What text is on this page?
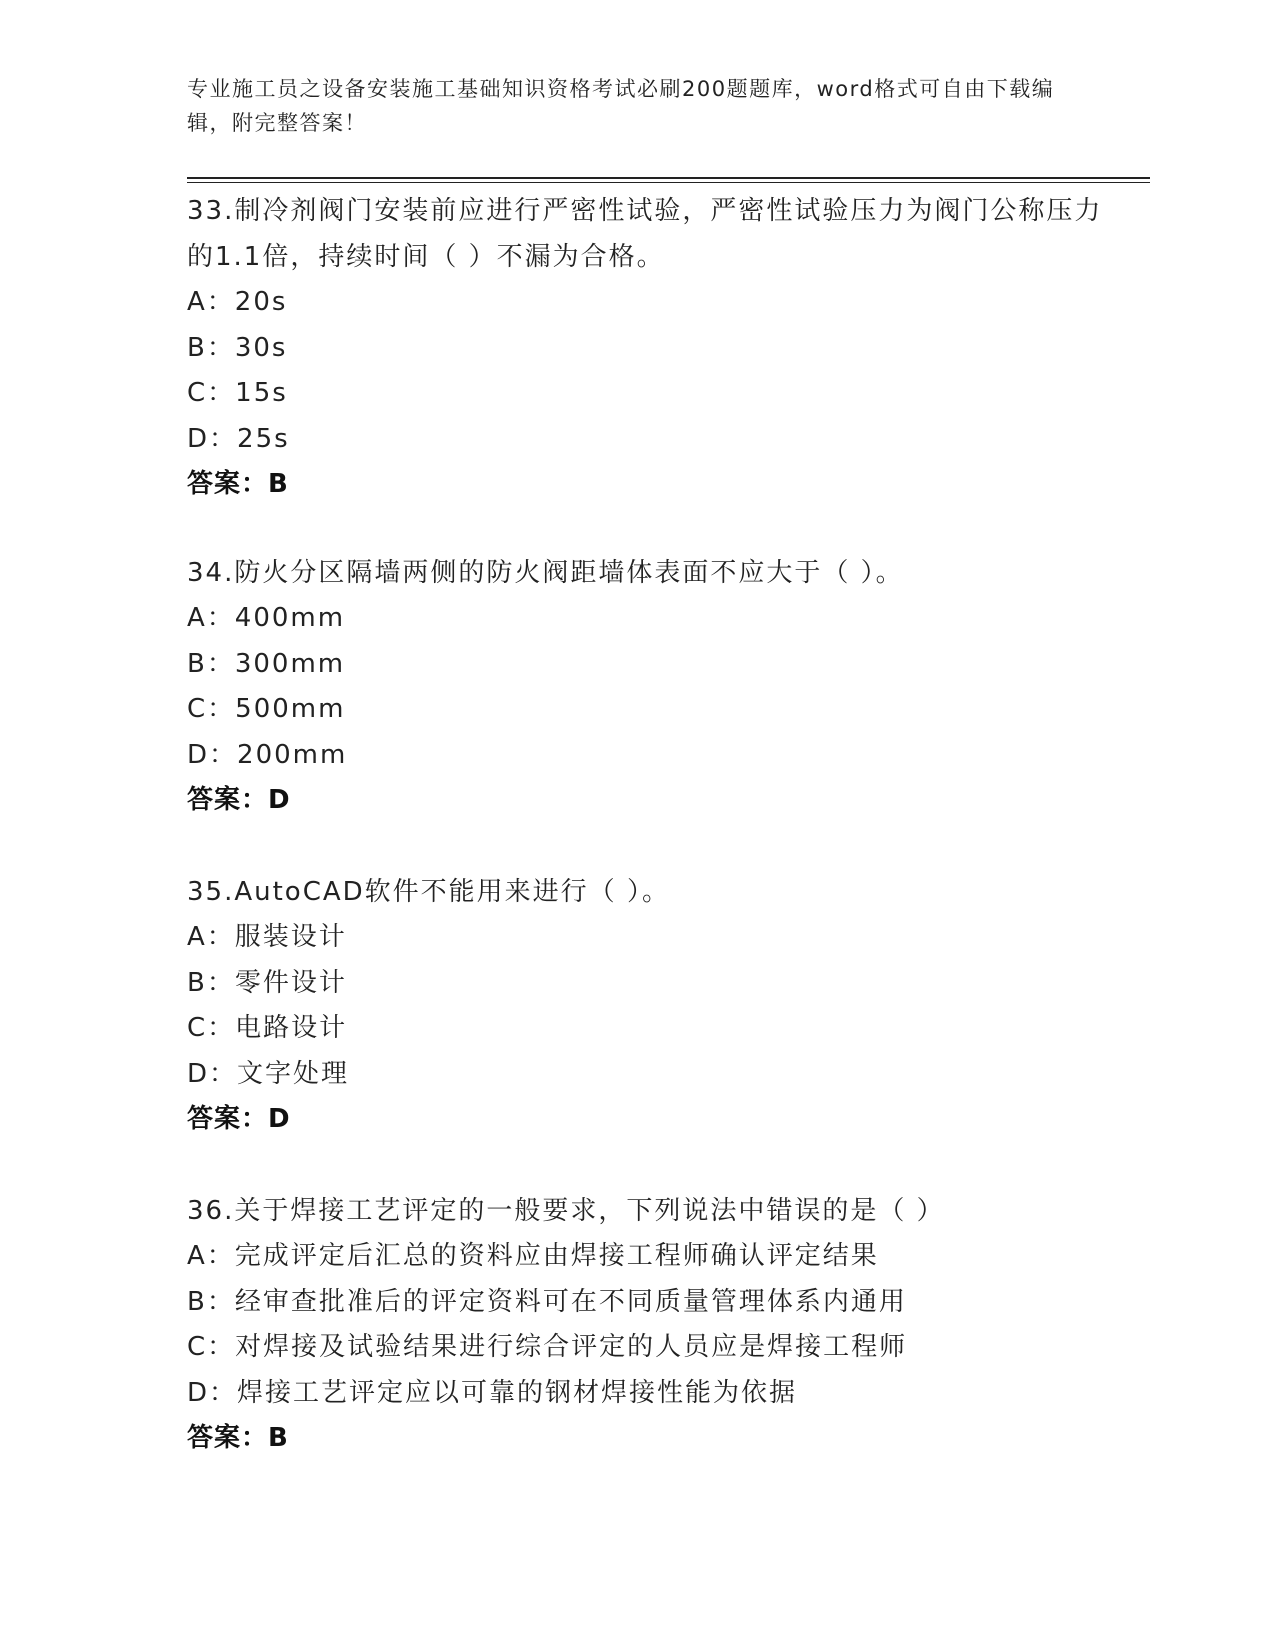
专业施工员之设备安装施工基础知识资格考试必刷200题题库，word格式可自由下载编辑，附完整答案！
33.制冷剂阀门安装前应进行严密性试验，严密性试验压力为阀门公称压力的1.1倍，持续时间（ ）不漏为合格。
A：20s
B：30s
C：15s
D：25s
答案：B
34.防火分区隔墙两侧的防火阀距墙体表面不应大于（ ）。
A：400mm
B：300mm
C：500mm
D：200mm
答案：D
35.AutoCAD软件不能用来进行（ ）。
A：服装设计
B：零件设计
C：电路设计
D：文字处理
答案：D
36.关于焊接工艺评定的一般要求，下列说法中错误的是（ ）
A：完成评定后汇总的资料应由焊接工程师确认评定结果
B：经审查批准后的评定资料可在不同质量管理体系内通用
C：对焊接及试验结果进行综合评定的人员应是焊接工程师
D：焊接工艺评定应以可靠的钢材焊接性能为依据
答案：B
